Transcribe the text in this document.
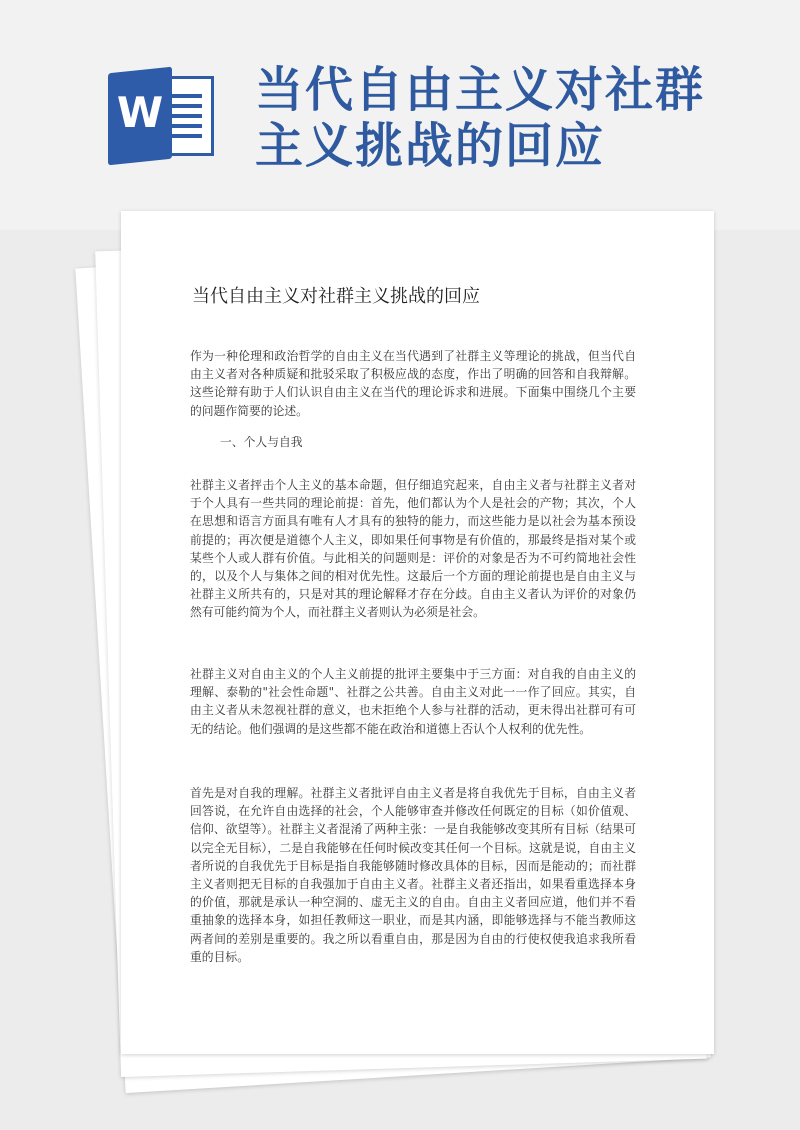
W 当代自由主义对社群主义挑战的回应
当代自由主义对社群主义挑战的回应
作为一种伦理和政治哲学的自由主义在当代遇到了社群主义等理论的挑战，但当代自由主义者对各种质疑和批驳采取了积极应战的态度，作出了明确的回答和自我辩解。这些论辩有助于人们认识自由主义在当代的理论诉求和进展。下面集中围绕几个主要的问题作简要的论述。
一、个人与自我
社群主义者抨击个人主义的基本命题，但仔细追究起来，自由主义者与社群主义者对于个人具有一些共同的理论前提：首先，他们都认为个人是社会的产物；其次，个人在思想和语言方面具有唯有人才具有的独特的能力，而这些能力是以社会为基本预设前提的；再次便是道德个人主义，即如果任何事物是有价值的，那最终是指对某个或某些个人或人群有价值。与此相关的问题则是：评价的对象是否为不可约简地社会性的，以及个人与集体之间的相对优先性。这最后一个方面的理论前提也是自由主义与社群主义所共有的，只是对其的理论解释才存在分歧。自由主义者认为评价的对象仍然有可能约简为个人，而社群主义者则认为必须是社会。
社群主义对自由主义的个人主义前提的批评主要集中于三方面：对自我的自由主义的理解、泰勒的"社会性命题"、社群之公共善。自由主义对此一一作了回应。其实，自由主义者从未忽视社群的意义，也未拒绝个人参与社群的活动，更未得出社群可有可无的结论。他们强调的是这些都不能在政治和道德上否认个人权利的优先性。
首先是对自我的理解。社群主义者批评自由主义者是将自我优先于目标，自由主义者回答说，在允许自由选择的社会，个人能够审查并修改任何既定的目标（如价值观、信仰、欲望等）。社群主义者混淆了两种主张：一是自我能够改变其所有目标（结果可以完全无目标），二是自我能够在任何时候改变其任何一个目标。这就是说，自由主义者所说的自我优先于目标是指自我能够随时修改具体的目标，因而是能动的；而社群主义者则把无目标的自我强加于自由主义者。社群主义者还指出，如果看重选择本身的价值，那就是承认一种空洞的、虚无主义的自由。自由主义者回应道，他们并不看重抽象的选择本身，如担任教师这一职业，而是其内涵，即能够选择与不能当教师这两者间的差别是重要的。我之所以看重自由，那是因为自由的行使权使我追求我所看重的目标。
